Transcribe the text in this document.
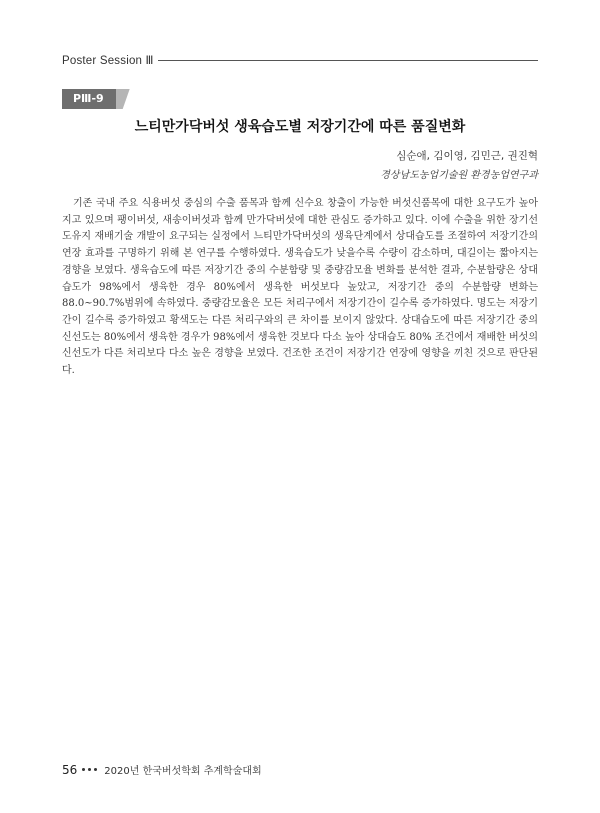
Poster Session Ⅲ
PⅢ-9
느티만가닥버섯 생육습도별 저장기간에 따른 품질변화
심순애, 김이영, 김민근, 권진혁
경상남도농업기술원 환경농업연구과

기존 국내 주요 식용버섯 중심의 수출 품목과 함께 신수요 창출이 가능한 버섯신품목에 대한 요구도가 높아지고 있으며 팽이버섯, 새송이버섯과 함께 만가닥버섯에 대한 관심도 증가하고 있다. 이에 수출을 위한 장기선도유지 재배기술 개발이 요구되는 실정에서 느티만가닥버섯의 생육단계에서 상대습도를 조절하여 저장기간의 연장 효과를 구명하기 위해 본 연구를 수행하였다. 생육습도가 낮을수록 수량이 감소하며, 대길이는 짧아지는 경향을 보였다. 생육습도에 따른 저장기간 중의 수분함량 및 중량감모율 변화를 분석한 결과, 수분함량은 상대습도가 98%에서 생육한 경우 80%에서 생육한 버섯보다 높았고, 저장기간 중의 수분함량 변화는 88.0~90.7%범위에 속하였다. 중량감모율은 모든 처리구에서 저장기간이 길수록 증가하였다. 명도는 저장기간이 길수록 증가하였고 황색도는 다른 처리구와의 큰 차이를 보이지 않았다. 상대습도에 따른 저장기간 중의 신선도는 80%에서 생육한 경우가 98%에서 생육한 것보다 다소 높아 상대습도 80% 조건에서 재배한 버섯의 신선도가 다른 처리보다 다소 높은 경향을 보였다. 건조한 조건이 저장기간 연장에 영향을 끼친 것으로 판단된다.

56	2020년 한국버섯학회 추계학술대회
